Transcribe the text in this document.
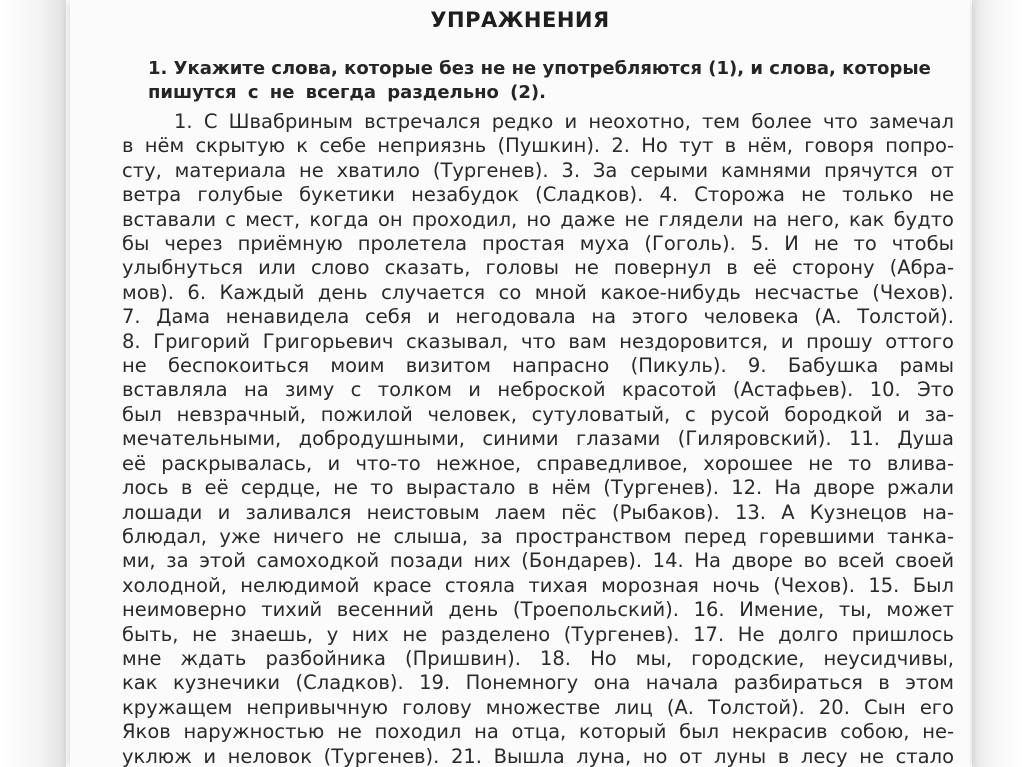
УПРАЖНЕНИЯ
1. Укажите слова, которые без не не употребляются (1), и слова, которые
пишутся с не всегда раздельно (2).
1. С Швабриным встречался редко и неохотно, тем более что замечал
в нём скрытую к себе неприязнь (Пушкин). 2. Но тут в нём, говоря попро-
сту, материала не хватило (Тургенев). 3. За серыми камнями прячутся от
ветра голубые букетики незабудок (Сладков). 4. Сторожа не только не
вставали с мест, когда он проходил, но даже не глядели на него, как будто
бы через приёмную пролетела простая муха (Гоголь). 5. И не то чтобы
улыбнуться или слово сказать, головы не повернул в её сторону (Абра-
мов). 6. Каждый день случается со мной какое-нибудь несчастье (Чехов).
7. Дама ненавидела себя и негодовала на этого человека (А. Толстой).
8. Григорий Григорьевич сказывал, что вам нездоровится, и прошу оттого
не беспокоиться моим визитом напрасно (Пикуль). 9. Бабушка рамы
вставляла на зиму с толком и неброской красотой (Астафьев). 10. Это
был невзрачный, пожилой человек, сутуловатый, с русой бородкой и за-
мечательными, добродушными, синими глазами (Гиляровский). 11. Душа
её раскрывалась, и что-то нежное, справедливое, хорошее не то влива-
лось в её сердце, не то вырастало в нём (Тургенев). 12. На дворе ржали
лошади и заливался неистовым лаем пёс (Рыбаков). 13. А Кузнецов на-
блюдал, уже ничего не слыша, за пространством перед горевшими танка-
ми, за этой самоходкой позади них (Бондарев). 14. На дворе во всей своей
холодной, нелюдимой красе стояла тихая морозная ночь (Чехов). 15. Был
неимоверно тихий весенний день (Троепольский). 16. Имение, ты, может
быть, не знаешь, у них не разделено (Тургенев). 17. Не долго пришлось
мне ждать разбойника (Пришвин). 18. Но мы, городские, неусидчивы,
как кузнечики (Сладков). 19. Понемногу она начала разбираться в этом
кружащем непривычную голову множестве лиц (А. Толстой). 20. Сын его
Яков наружностью не походил на отца, который был некрасив собою, не-
уклюж и неловок (Тургенев). 21. Вышла луна, но от луны в лесу не стало
